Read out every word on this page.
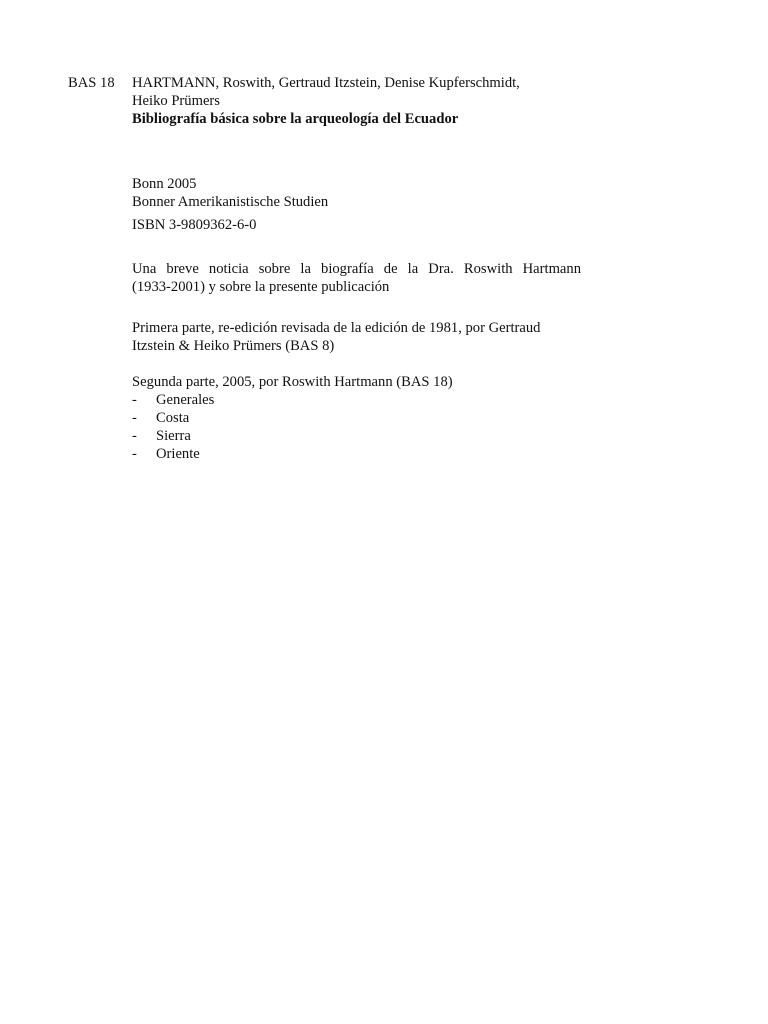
BAS 18 HARTMANN, Roswith, Gertraud Itzstein, Denise Kupferschmidt,
Heiko Prümers
Bibliografía básica sobre la arqueología del Ecuador
Bonn 2005
Bonner Amerikanistische Studien
ISBN 3-9809362-6-0
Una breve noticia sobre la biografía de la Dra. Roswith Hartmann
(1933-2001) y sobre la presente publicación
Primera parte, re-edición revisada de la edición de 1981, por Gertraud
Itzstein & Heiko Prümers (BAS 8)
Segunda parte, 2005, por Roswith Hartmann (BAS 18)
- Generales
- Costa
- Sierra
- Oriente
